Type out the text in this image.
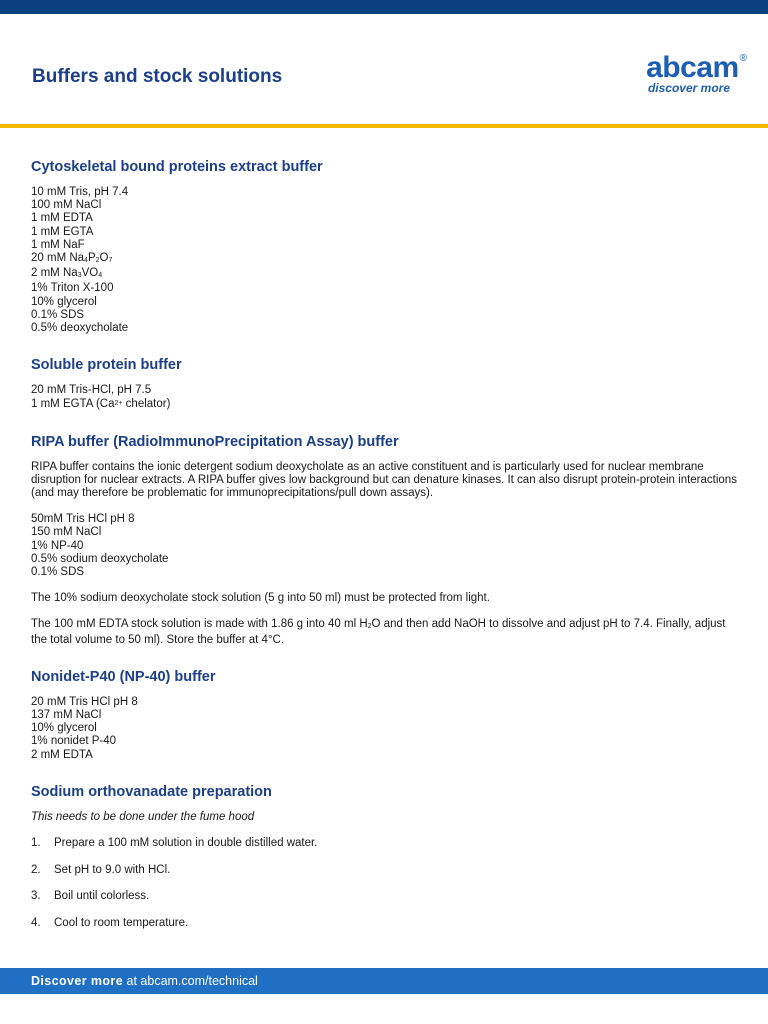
Buffers and stock solutions	abcam®
discover more
Cytoskeletal bound proteins extract buffer
10 mM Tris, pH 7.4
100 mM NaCl
1 mM EDTA
1 mM EGTA
1 mM NaF
20 mM $Na_4P_2O_7$
2 mM $Na_3VO_4$
1% Triton X-100
10% glycerol
0.1% SDS
0.5% deoxycholate
Soluble protein buffer
20 mM Tris-HCl, pH 7.5
1 mM EGTA ($Ca^{2+}$ chelator)
RIPA buffer (RadioImmunoPrecipitation Assay) buffer

RIPA buffer contains the ionic detergent sodium deoxycholate as an active constituent and is particularly used for nuclear membrane disruption for nuclear extracts. A RIPA buffer gives low background but can denature kinases. It can also disrupt protein-protein interactions (and may therefore be problematic for immunoprecipitations/pull down assays).

50mM Tris HCl pH 8
150 mM NaCl
1% NP-40
0.5% sodium deoxycholate
0.1% SDS

The 10% sodium deoxycholate stock solution (5 g into 50 ml) must be protected from light.

The 100 mM EDTA stock solution is made with 1.86 g into 40 ml $H_2O$ and then add NaOH to dissolve and adjust pH to 7.4. Finally, adjust the total volume to 50 ml). Store the buffer at 4°C.

Nonidet-P40 (NP-40) buffer
20 mM Tris HCl pH 8
137 mM NaCl
10% glycerol
1% nonidet P-40
2 mM EDTA
Sodium orthovanadate preparation
This needs to be done under the fume hood
1. Prepare a 100 mM solution in double distilled water.
2. Set pH to 9.0 with HCl.
3. Boil until colorless.
4. Cool to room temperature.
Discover more at abcam.com/technical
